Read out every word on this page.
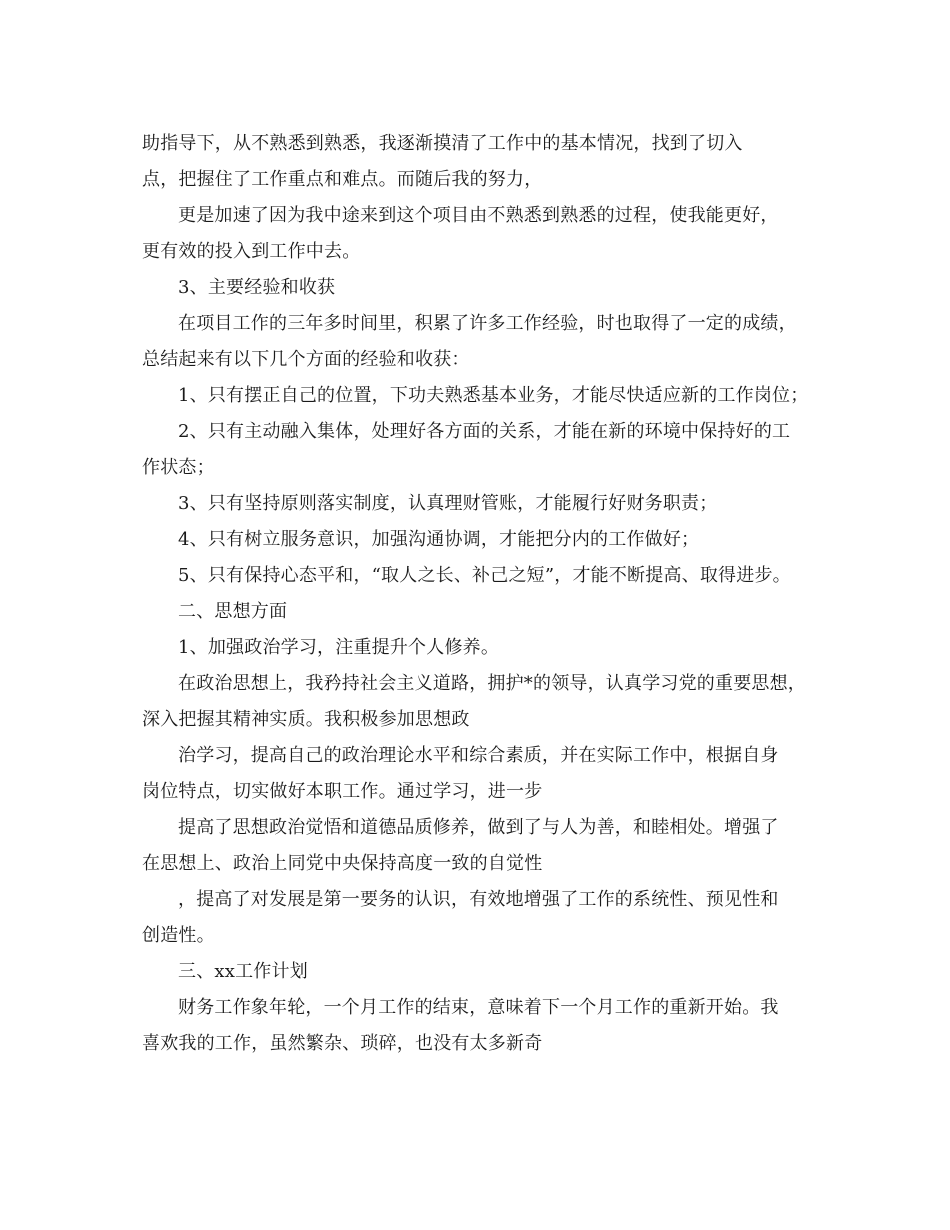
助指导下，从不熟悉到熟悉，我逐渐摸清了工作中的基本情况，找到了切入
点，把握住了工作重点和难点。而随后我的努力，
更是加速了因为我中途来到这个项目由不熟悉到熟悉的过程，使我能更好，
更有效的投入到工作中去。
3、主要经验和收获
在项目工作的三年多时间里，积累了许多工作经验，时也取得了一定的成绩，
总结起来有以下几个方面的经验和收获：
1、只有摆正自己的位置，下功夫熟悉基本业务，才能尽快适应新的工作岗位；
2、只有主动融入集体，处理好各方面的关系，才能在新的环境中保持好的工
作状态；
3、只有坚持原则落实制度，认真理财管账，才能履行好财务职责；
4、只有树立服务意识，加强沟通协调，才能把分内的工作做好；
5、只有保持心态平和，“取人之长、补己之短”，才能不断提高、取得进步。
二、思想方面
1、加强政治学习，注重提升个人修养。
在政治思想上，我矜持社会主义道路，拥护*的领导，认真学习党的重要思想，
深入把握其精神实质。我积极参加思想政
治学习，提高自己的政治理论水平和综合素质，并在实际工作中，根据自身
岗位特点，切实做好本职工作。通过学习，进一步
提高了思想政治觉悟和道德品质修养，做到了与人为善，和睦相处。增强了
在思想上、政治上同党中央保持高度一致的自觉性
，提高了对发展是第一要务的认识，有效地增强了工作的系统性、预见性和
创造性。
三、xx工作计划
财务工作象年轮，一个月工作的结束，意味着下一个月工作的重新开始。我
喜欢我的工作，虽然繁杂、琐碎，也没有太多新奇
